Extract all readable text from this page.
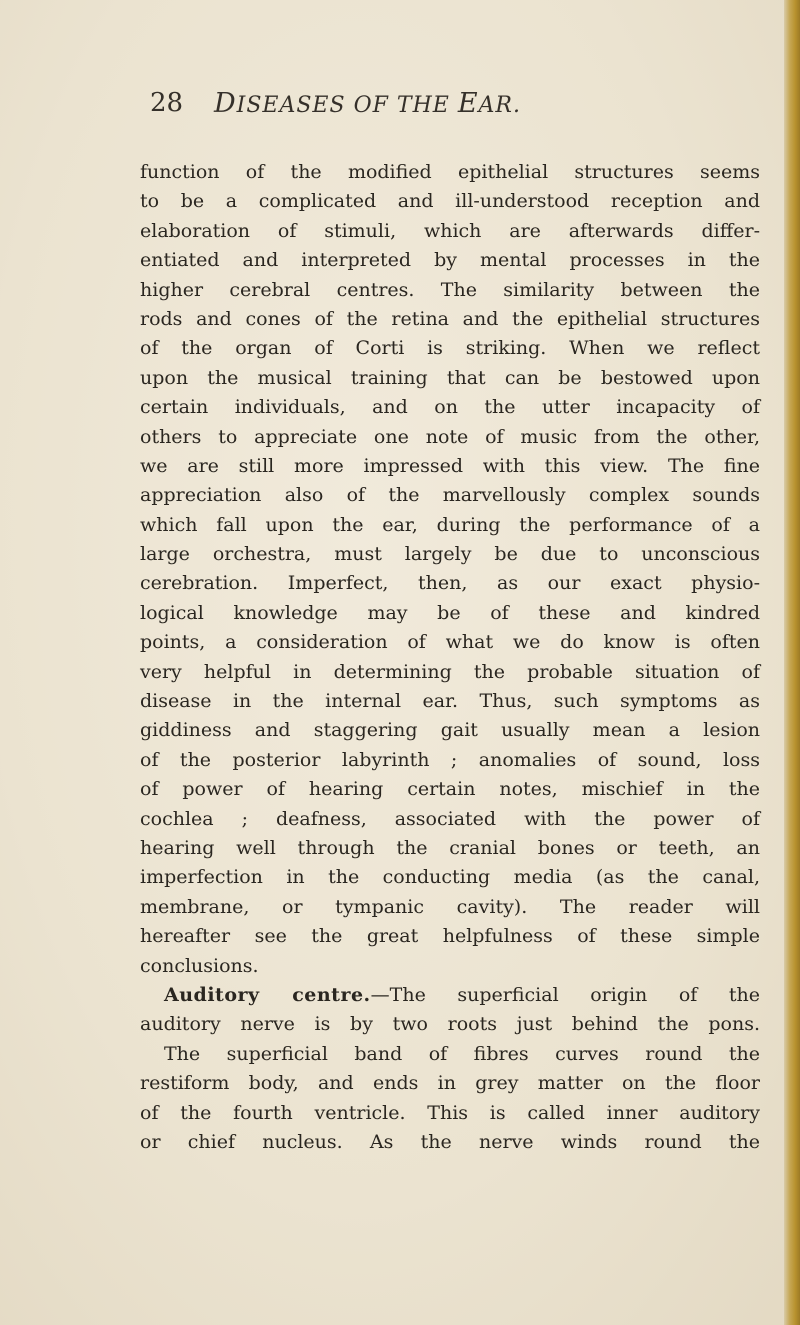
28 DISEASES OF THE EAR.
function of the modified epithelial structures seems
to be a complicated and ill-understood reception and
elaboration of stimuli, which are afterwards differ-
entiated and interpreted by mental processes in the
higher cerebral centres. The similarity between the
rods and cones of the retina and the epithelial structures
of the organ of Corti is striking. When we reflect
upon the musical training that can be bestowed upon
certain individuals, and on the utter incapacity of
others to appreciate one note of music from the other,
we are still more impressed with this view. The fine
appreciation also of the marvellously complex sounds
which fall upon the ear, during the performance of a
large orchestra, must largely be due to unconscious
cerebration. Imperfect, then, as our exact physio-
logical knowledge may be of these and kindred
points, a consideration of what we do know is often
very helpful in determining the probable situation of
disease in the internal ear. Thus, such symptoms as
giddiness and staggering gait usually mean a lesion
of the posterior labyrinth ; anomalies of sound, loss
of power of hearing certain notes, mischief in the
cochlea ; deafness, associated with the power of
hearing well through the cranial bones or teeth, an
imperfection in the conducting media (as the canal,
membrane, or tympanic cavity). The reader will
hereafter see the great helpfulness of these simple
conclusions.
Auditory centre.—The superficial origin of the
auditory nerve is by two roots just behind the pons.
The superficial band of fibres curves round the
restiform body, and ends in grey matter on the floor
of the fourth ventricle. This is called inner auditory
or chief nucleus. As the nerve winds round the
